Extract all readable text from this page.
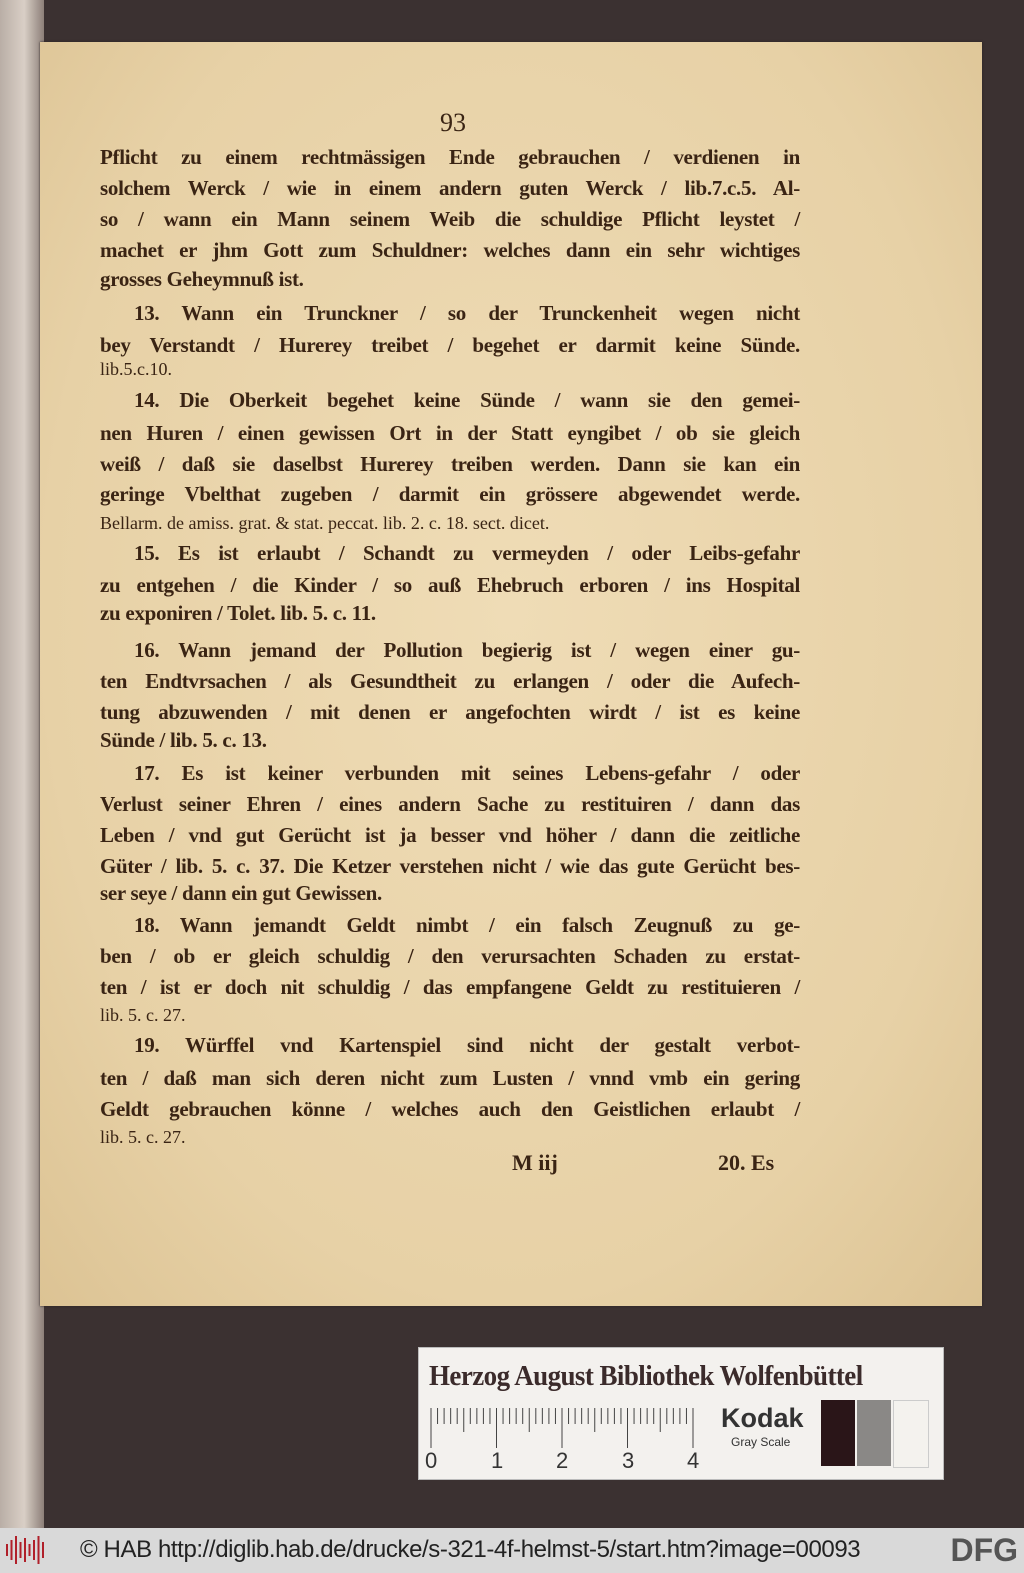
93
Pflicht zu einem rechtmässigen Ende gebrauchen / verdienen in
solchem Werck / wie in einem andern guten Werck / lib.7.c.5. Al-
so / wann ein Mann seinem Weib die schuldige Pflicht leystet /
machet er jhm Gott zum Schuldner: welches dann ein sehr wichtiges
grosses Geheymnuß ist.
13. Wann ein Trunckner / so der Trunckenheit wegen nicht
bey Verstandt / Hurerey treibet / begehet er darmit keine Sünde.
lib.5.c.10.
14. Die Oberkeit begehet keine Sünde / wann sie den gemei-
nen Huren / einen gewissen Ort in der Statt eyngibet / ob sie gleich
weiß / daß sie daselbst Hurerey treiben werden. Dann sie kan ein
geringe Vbelthat zugeben / darmit ein grössere abgewendet werde.
Bellarm. de amiss. grat. & stat. peccat. lib. 2. c. 18. sect. dicet.
15. Es ist erlaubt / Schandt zu vermeyden / oder Leibs-gefahr
zu entgehen / die Kinder / so auß Ehebruch erboren / ins Hospital
zu exponiren / Tolet. lib. 5. c. 11.
16. Wann jemand der Pollution begierig ist / wegen einer gu-
ten Endtvrsachen / als Gesundtheit zu erlangen / oder die Aufech-
tung abzuwenden / mit denen er angefochten wirdt / ist es keine
Sünde / lib. 5. c. 13.
17. Es ist keiner verbunden mit seines Lebens-gefahr / oder
Verlust seiner Ehren / eines andern Sache zu restituiren / dann das
Leben / vnd gut Gerücht ist ja besser vnd höher / dann die zeitliche
Güter / lib. 5. c. 37. Die Ketzer verstehen nicht / wie das gute Gerücht bes-
ser seye / dann ein gut Gewissen.
18. Wann jemandt Geldt nimbt / ein falsch Zeugnuß zu ge-
ben / ob er gleich schuldig / den verursachten Schaden zu erstat-
ten / ist er doch nit schuldig / das empfangene Geldt zu restituieren /
lib. 5. c. 27.
19. Würffel vnd Kartenspiel sind nicht der gestalt verbot-
ten / daß man sich deren nicht zum Lusten / vnnd vmb ein gering
Geldt gebrauchen könne / welches auch den Geistlichen erlaubt /
lib. 5. c. 27.
M iij	20. Es
Herzog August Bibliothek Wolfenbüttel
0 1 2 3 4
Kodak
Gray Scale
© HAB http://diglib.hab.de/drucke/s-321-4f-helmst-5/start.htm?image=00093	DFG
